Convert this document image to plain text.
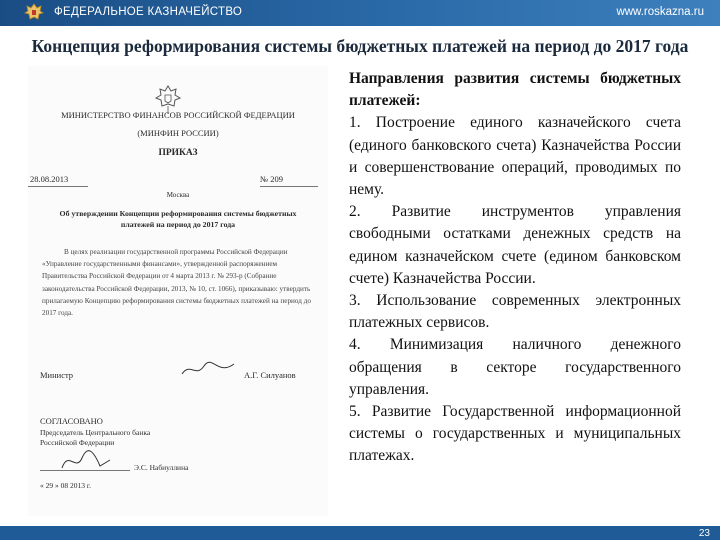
ФЕДЕРАЛЬНОЕ КАЗНАЧЕЙСТВО	www.roskazna.ru
Концепция реформирования системы бюджетных платежей на период до 2017 года
МИНИСТЕРСТВО ФИНАНСОВ РОССИЙСКОЙ ФЕДЕРАЦИИ
(МИНФИН РОССИИ)
ПРИКАЗ
28.08.2013	№ 209
Москва
Об утверждении Концепции реформирования системы бюджетных
платежей на период до 2017 года
В целях реализации государственной программы Российской Федерации «Управление государственными финансами», утвержденной распоряжением Правительства Российской Федерации от 4 марта 2013 г. № 293-р (Собрание законодательства Российской Федерации, 2013, № 10, ст. 1066), приказываю: утвердить прилагаемую Концепцию реформирования системы бюджетных платежей на период до 2017 года.
Министр	А.Г. Силуанов
СОГЛАСОВАНО
Председатель Центрального банка
Российской Федерации
Э.С. Набиуллина
« 29 » 08 2013 г.

Направления развития системы бюджетных платежей:

1. Построение единого казначейского счета (единого банковского счета) Казначейства России и совершенствование операций, проводимых по нему.

2. Развитие инструментов управления свободными остатками денежных средств на едином казначейском счете (едином банковском счете) Казначейства России.

3. Использование современных электронных платежных сервисов.

4. Минимизация наличного денежного обращения в секторе государственного управления.

5. Развитие Государственной информационной системы о государственных и муниципальных платежах.

23
